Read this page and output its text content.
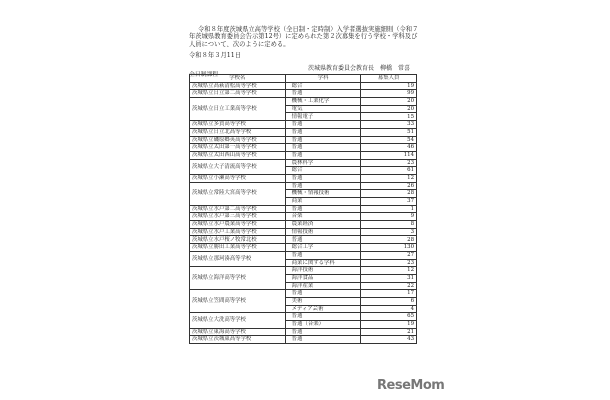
令和８年度茨城県立高等学校（全日制・定時制）入学者選抜実施細則（令和７年茨城県教育委員会告示第12号）に定められた第２次募集を行う学校・学科及び人員について、次のように定める。
令和８年３月11日
茨城県教育委員会教育長　柳橋　常喜
全日制課程
学校名	学科	募集人員
茨城県立高萩清松高等学校	総合	19
茨城県立日立第二高等学校	普通	99
茨城県立日立工業高等学校	機械・工業化学	20
	電気	20
	情報電子	15
茨城県立多賀高等学校	普通	33
茨城県立日立北高等学校	普通	51
茨城県立磯原郷英高等学校	普通	54
茨城県立太田第一高等学校	普通	46
茨城県立太田西山高等学校	普通	114
茨城県立大子清流高等学校	農林科学	23
	総合	61
茨城県立小瀬高等学校	普通	12
茨城県立常陸大宮高等学校	普通	26
	機械・情報技術	28
	商業	37
茨城県立水戸第二高等学校	普通	1
茨城県立水戸第三高等学校	音楽	9
茨城県立水戸農業高等学校	農業経済	8
茨城県立水戸工業高等学校	情報技術	3
茨城県立水戸桜ノ牧常北校	普通	28
茨城県立勝田工業高等学校	総合工学	130
茨城県立那珂湊高等学校	普通	27
	商業に関する学科	23
茨城県立海洋高等学校	海洋技術	12
	海洋食品	31
	海洋産業	22
茨城県立笠間高等学校	普通	17
	美術	6
	メディア芸術	4
茨城県立大洗高等学校	普通	65
	普通（音楽）	19
茨城県立東海高等学校	普通	21
茨城県立茨城東高等学校	普通	43
ReseMom
